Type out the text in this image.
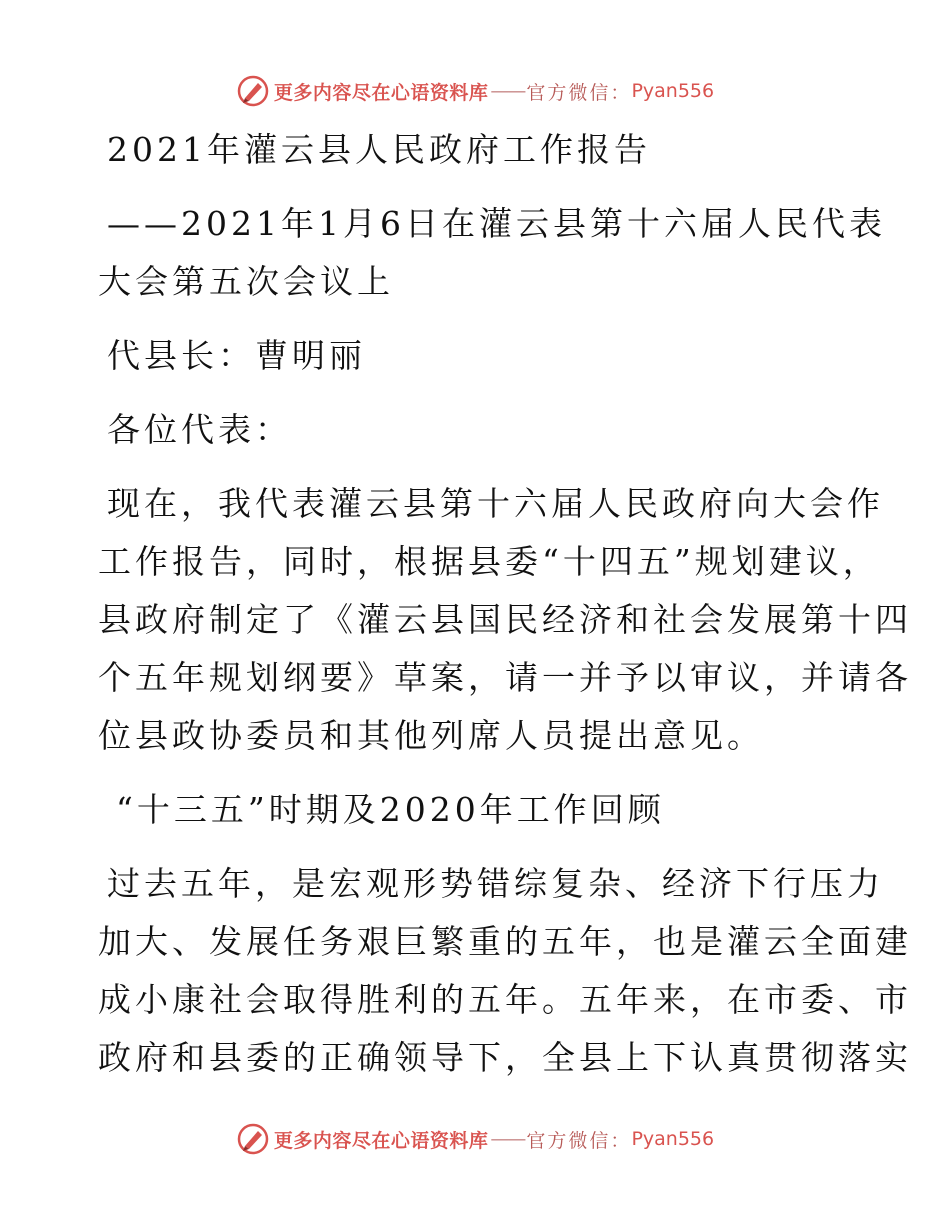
更多内容尽在心语资料库 —— 官方微信： Pyan556
2021年灌云县人民政府工作报告
——2021年1月6日在灌云县第十六届人民代表
大会第五次会议上
代县长：曹明丽
各位代表：
现在，我代表灌云县第十六届人民政府向大会作
工作报告，同时，根据县委“十四五”规划建议，
县政府制定了《灌云县国民经济和社会发展第十四
个五年规划纲要》草案，请一并予以审议，并请各
位县政协委员和其他列席人员提出意见。
“十三五”时期及2020年工作回顾
过去五年，是宏观形势错综复杂、经济下行压力
加大、发展任务艰巨繁重的五年，也是灌云全面建
成小康社会取得胜利的五年。五年来，在市委、市
政府和县委的正确领导下，全县上下认真贯彻落实
更多内容尽在心语资料库 —— 官方微信： Pyan556
